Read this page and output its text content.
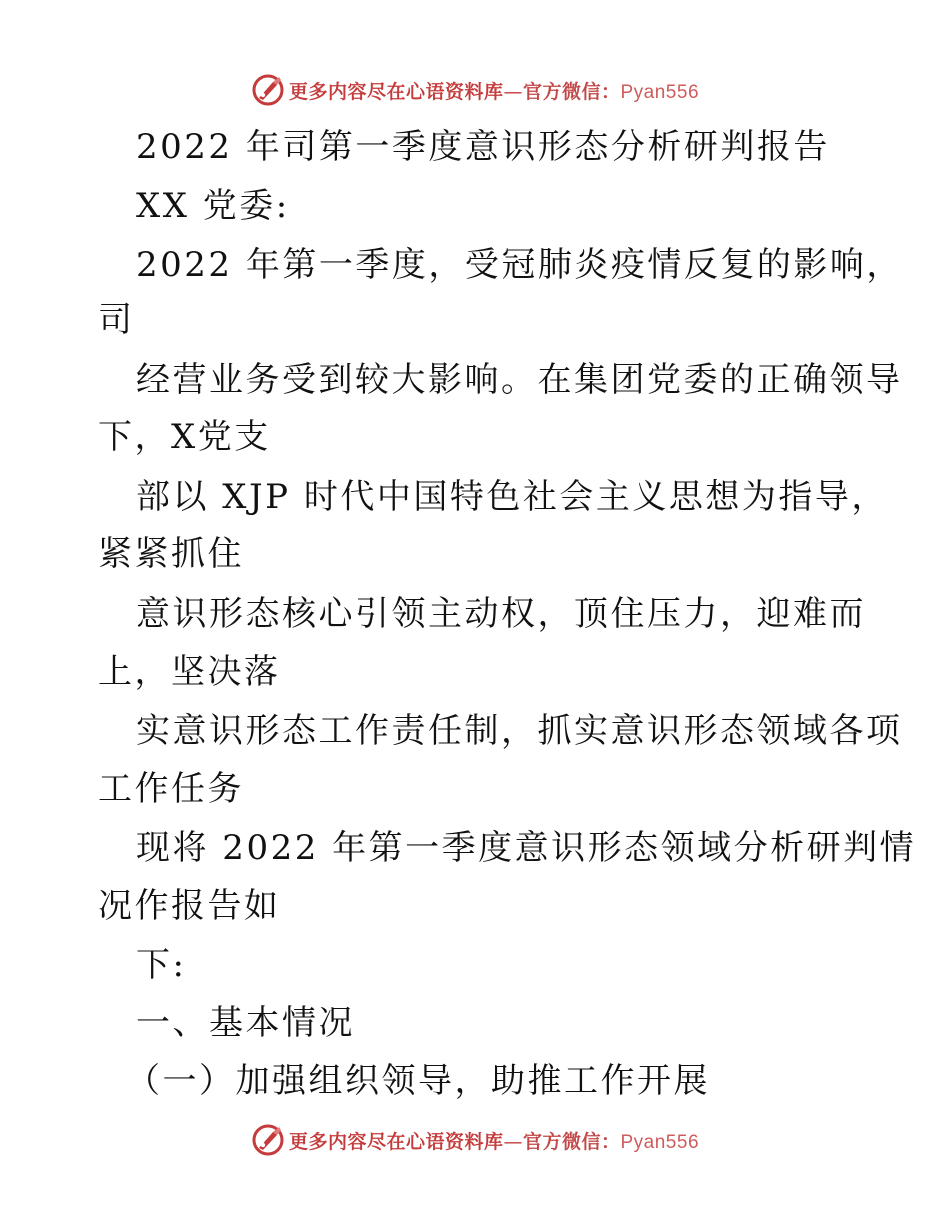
更多内容尽在心语资料库—官方微信：Pyan556
2022 年司第一季度意识形态分析研判报告
XX 党委:
2022 年第一季度，受冠肺炎疫情反复的影响，
司
经营业务受到较大影响。在集团党委的正确领导
下，X党支
部以 XJP 时代中国特色社会主义思想为指导，
紧紧抓住
意识形态核心引领主动权，顶住压力，迎难而
上，坚决落
实意识形态工作责任制，抓实意识形态领域各项
工作任务
现将 2022 年第一季度意识形态领域分析研判情
况作报告如
下:
一、基本情况
（一）加强组织领导，助推工作开展
更多内容尽在心语资料库—官方微信：Pyan556
